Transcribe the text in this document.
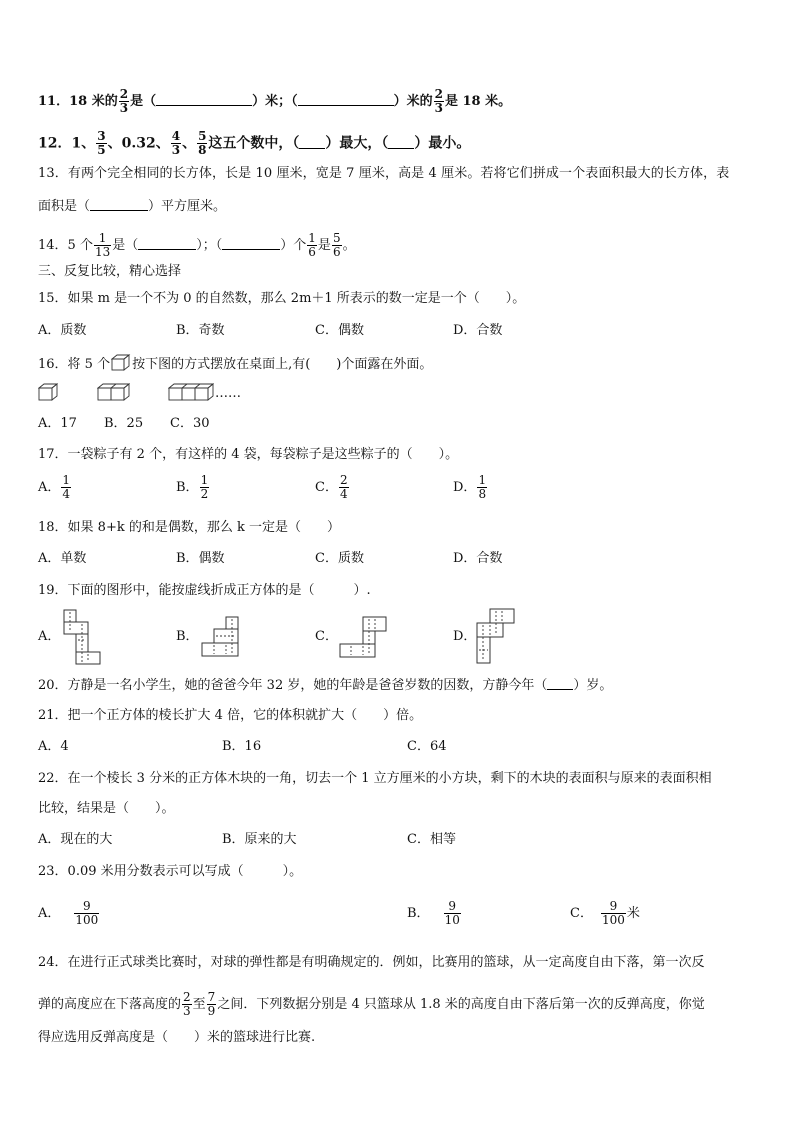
11．18 米的 $\frac{2}{3}$ 是（	）米；（	）米的 $\frac{2}{3}$ 是 18 米。
12．1、 $\frac{3}{5}$ 、0.32、 $\frac{4}{3}$ 、 $\frac{5}{8}$ 这五个数中，（ ）最大，（ ）最小。
13．有两个完全相同的长方体，长是 10 厘米，宽是 7 厘米，高是 4 厘米。若将它们拼成一个表面积最大的长方体，表
面积是（	）平方厘米。
14．5 个 $\frac{1}{13}$ 是（	）；（	）个 $\frac{1}{6}$ 是 $\frac{5}{6}$ 。
三、反复比较，精心选择
15．如果 m 是一个不为 0 的自然数，那么 2m＋1 所表示的数一定是一个（　　）。
A．质数	B．奇数	C．偶数	D．合数
16．将 5 个 按下图的方式摆放在桌面上,有(　　)个面露在外面。
……
A．17 B．25 C．30
17．一袋粽子有 2 个，有这样的 4 袋，每袋粽子是这些粽子的（　　）。
A． $\frac{1}{4}$	B． $\frac{1}{2}$	C． $\frac{2}{4}$	D． $\frac{1}{8}$
18．如果 8+k 的和是偶数，那么 k 一定是（　　）
A．单数	B．偶数	C．质数	D．合数
19．下面的图形中，能按虚线折成正方体的是（　　　）.
A．	B．	C．	D．
20．方静是一名小学生，她的爸爸今年 32 岁，她的年龄是爸爸岁数的因数，方静今年（ ）岁。
21．把一个正方体的棱长扩大 4 倍，它的体积就扩大（　　）倍。
A．4	B．16	C．64
22．在一个棱长 3 分米的正方体木块的一角，切去一个 1 立方厘米的小方块，剩下的木块的表面积与原来的表面积相
比较，结果是（　　）。
A．现在的大	B．原来的大	C．相等
23．0.09 米用分数表示可以写成（　　　）。
A． $\frac{9}{100}$	B． $\frac{9}{10}$	C． $\frac{9}{100}$ 米
24．在进行正式球类比赛时，对球的弹性都是有明确规定的．例如，比赛用的篮球，从一定高度自由下落，第一次反
弹的高度应在下落高度的 $\frac{2}{3}$ 至 $\frac{7}{9}$ 之间．下列数据分别是 4 只篮球从 1.8 米的高度自由下落后第一次的反弹高度，你觉
得应选用反弹高度是（　　）米的篮球进行比赛.
